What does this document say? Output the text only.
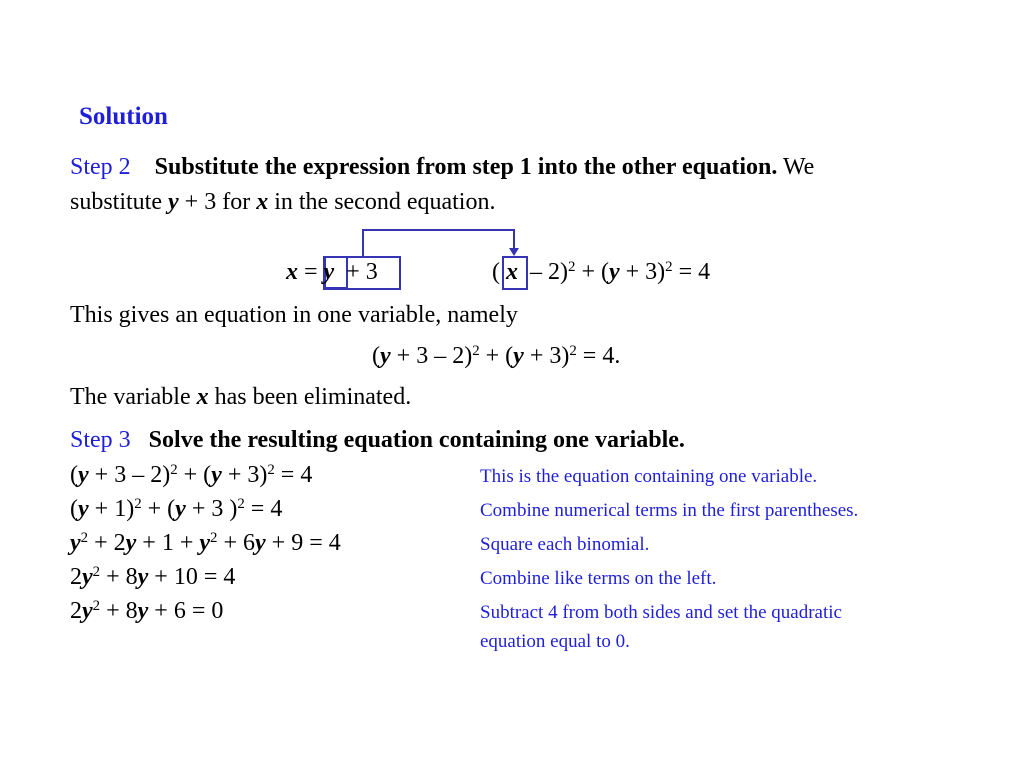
Solution
Step 2 Substitute the expression from step 1 into the other equation. We
substitute y + 3 for x in the second equation.
x = y + 3	( $x - 2)^2 + (y + 3)^2 = 4$
This gives an equation in one variable, namely
$(y + 3 - 2)^2 + (y + 3)^2 = 4$.
The variable x has been eliminated.
Step 3 Solve the resulting equation containing one variable.
$(y + 3 - 2)^2 + (y + 3)^2 = 4$	This is the equation containing one variable.
$(y + 1)^2 + (y + 3$ )$^2$ = 4	Combine numerical terms in the first parentheses.
$y^2 + 2y + 1 + y^2 + 6y + 9 = 4$	Square each binomial.
$2y^2 + 8y + 10 = 4$	Combine like terms on the left.
$2y^2 + 8y + 6 = 0$	Subtract 4 from both sides and set the quadratic
equation equal to 0.
